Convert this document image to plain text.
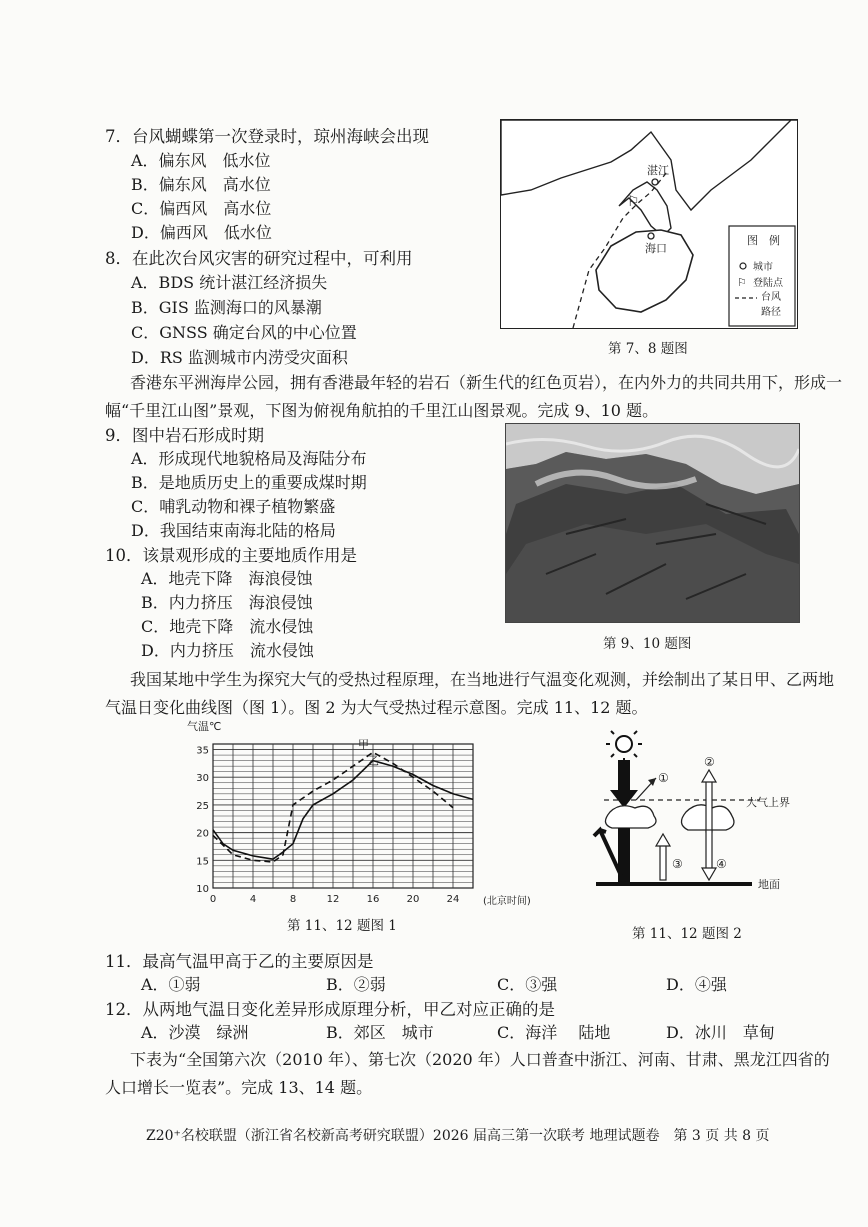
7．台风蝴蝶第一次登录时，琼州海峡会出现
A．偏东风　低水位
B．偏东风　高水位
C．偏西风　高水位
D．偏西风　低水位
8．在此次台风灾害的研究过程中，可利用
A．BDS 统计湛江经济损失
B．GIS 监测海口的风暴潮
C．GNSS 确定台风的中心位置
D．RS 监测城市内涝受灾面积
⚐
湛江
海口
图　例
城市
⚐ 登陆点
台风
路径
第 7、8 题图
香港东平洲海岸公园，拥有香港最年轻的岩石（新生代的红色页岩），在内外力的共同共用下，形成一幅“千里江山图”景观，下图为俯视角航拍的千里江山图景观。完成 9、10 题。
9．图中岩石形成时期
A．形成现代地貌格局及海陆分布
B．是地质历史上的重要成煤时期
C．哺乳动物和裸子植物繁盛
D．我国结束南海北陆的格局
10．该景观形成的主要地质作用是
A．地壳下降　海浪侵蚀
B．内力挤压　海浪侵蚀
C．地壳下降　流水侵蚀
D．内力挤压　流水侵蚀	第 9、10 题图
我国某地中学生为探究大气的受热过程原理，在当地进行气温变化观测，并绘制出了某日甲、乙两地气温日变化曲线图（图 1）。图 2 为大气受热过程示意图。完成 11、12 题。
气温℃
(北京时间)
0	4	8	12	16	20	24
10
15
20
25
30
35
甲
乙
第 11、12 题图 1
大气上界
①
②
③	④
地面
第 11、12 题图 2
11．最高气温甲高于乙的主要原因是
A．①弱	B．②弱	C．③强	D．④强
12．从两地气温日变化差异形成原理分析，甲乙对应正确的是
A．沙漠　绿洲	B．郊区　城市	C．海洋　 陆地	D．冰川　草甸
下表为“全国第六次（2010 年）、第七次（2020 年）人口普查中浙江、河南、甘肃、黑龙江四省的人口增长一览表”。完成 13、14 题。
Z20⁺名校联盟（浙江省名校新高考研究联盟）2026 届高三第一次联考 地理试题卷　第 3 页 共 8 页
